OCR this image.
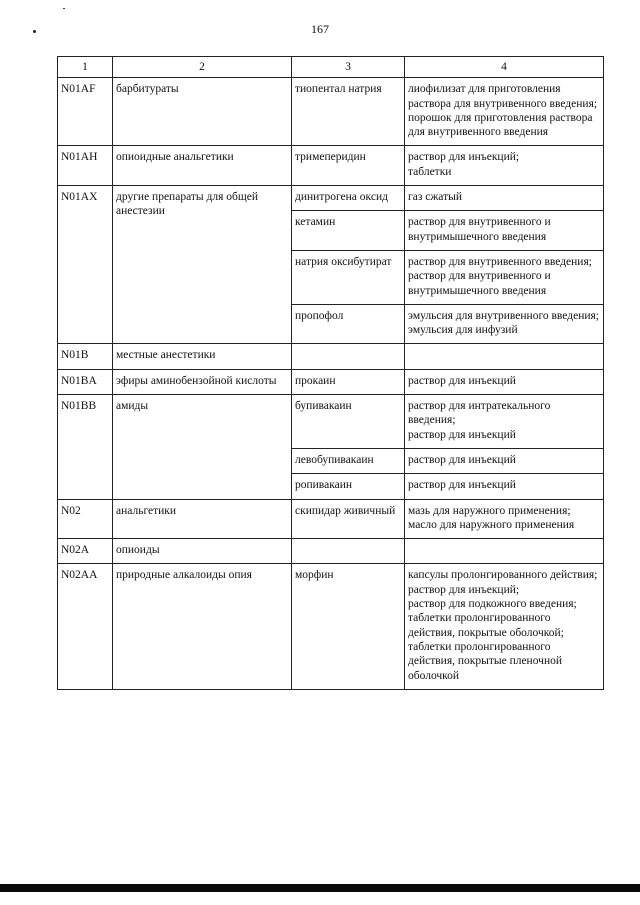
167
1	2	3	4
N01AF	барбитураты	тиопентал натрия	лиофилизат для приготовления раствора для внутривенного введения;
порошок для приготовления раствора для внутривенного введения
N01AH	опиоидные анальгетики	тримеперидин	раствор для инъекций;
таблетки
N01AX	другие препараты для общей анестезии	динитрогена оксид	газ сжатый
		кетамин	раствор для внутривенного и внутримышечного введения
		натрия оксибутират	раствор для внутривенного введения;
раствор для внутривенного и внутримышечного введения
		пропофол	эмульсия для внутривенного введения;
эмульсия для инфузий
N01B	местные анестетики		
N01BA	эфиры аминобензойной кислоты	прокаин	раствор для инъекций
N01BB	амиды	бупивакаин	раствор для интратекального введения;
раствор для инъекций
		левобупивакаин	раствор для инъекций
		ропивакаин	раствор для инъекций
N02	анальгетики	скипидар живичный	мазь для наружного применения;
масло для наружного применения
N02A	опиоиды		
N02AA	природные алкалоиды опия	морфин	капсулы пролонгированного действия;
раствор для инъекций;
раствор для подкожного введения;
таблетки пролонгированного действия, покрытые оболочкой;
таблетки пролонгированного действия, покрытые пленочной оболочкой
